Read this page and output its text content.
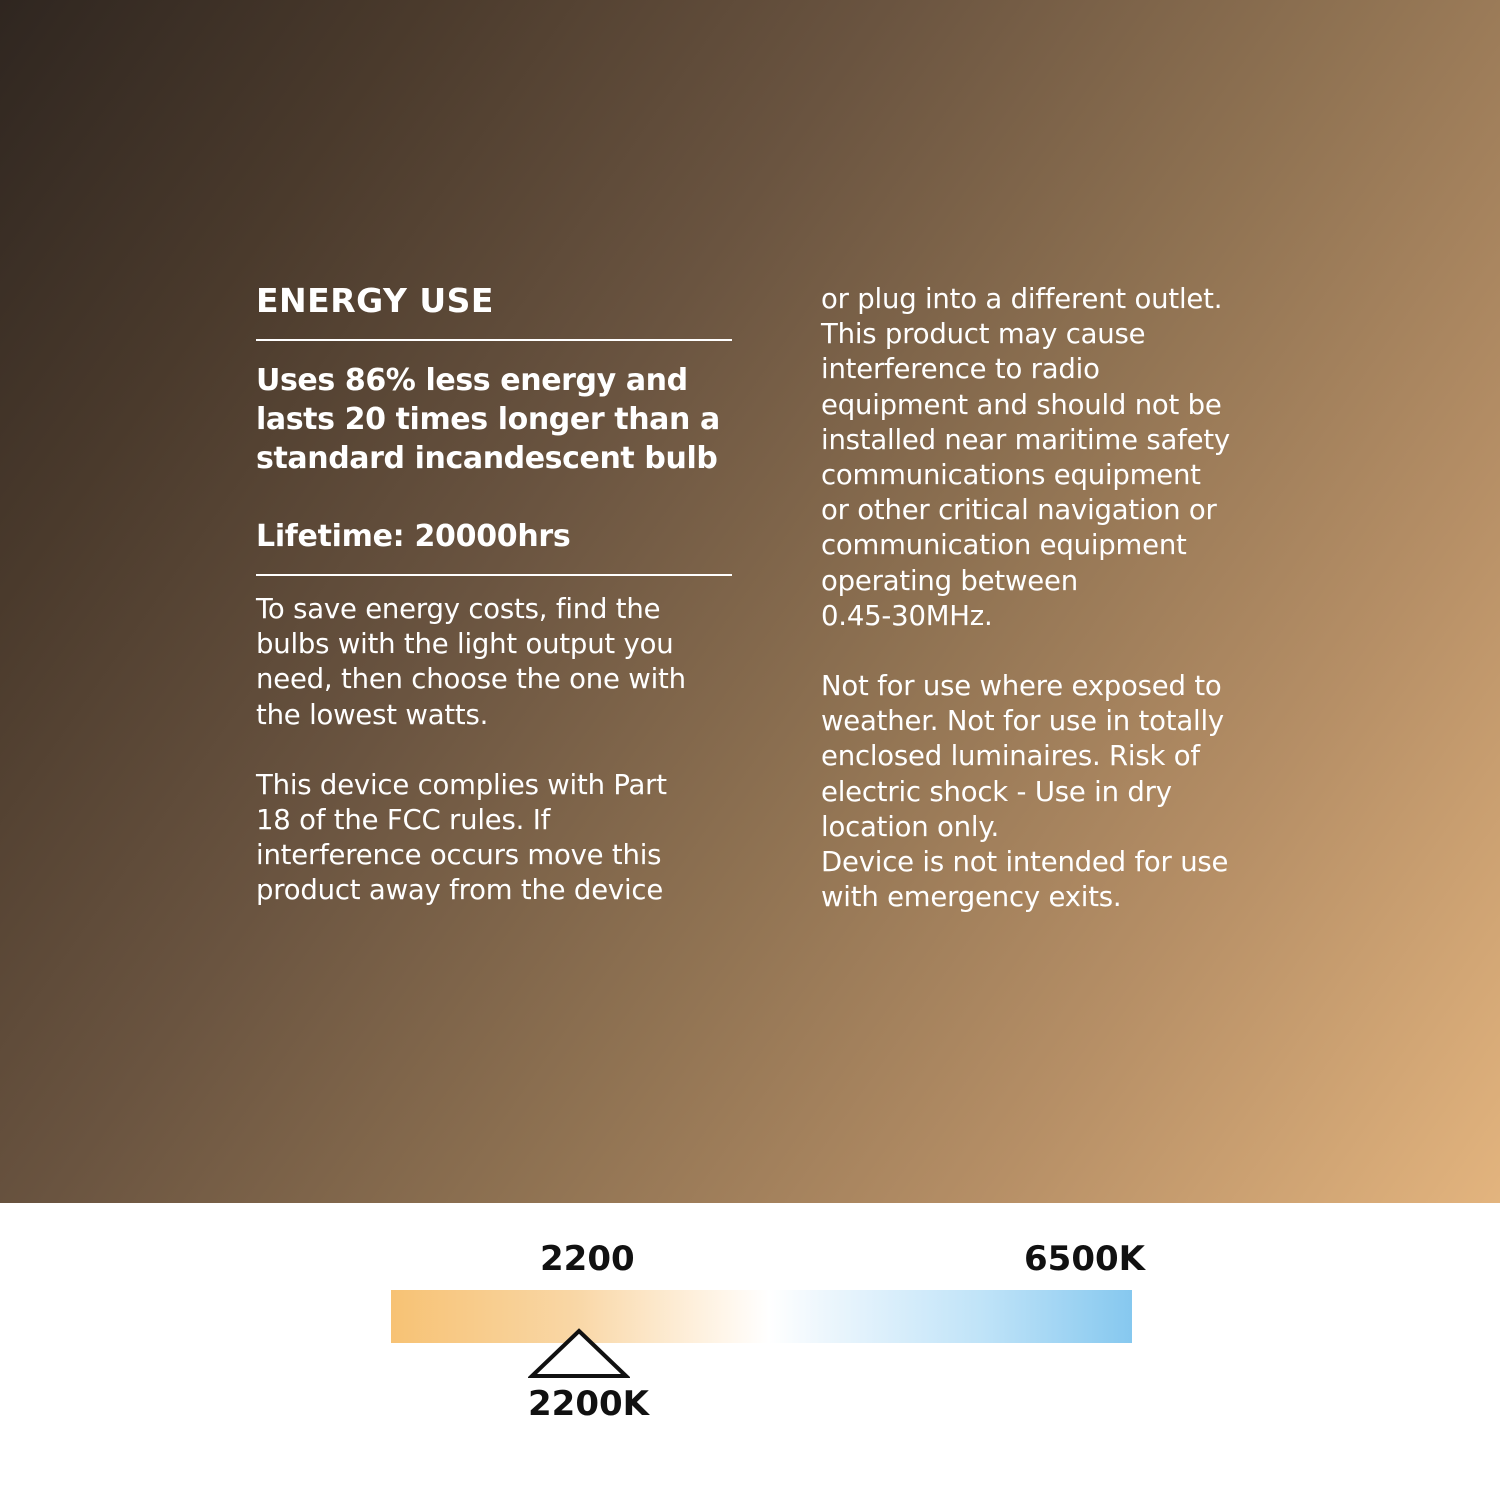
ENERGY USE

Uses 86% less energy and
lasts 20 times longer than a
standard incandescent bulb

Lifetime: 20000hrs

To save energy costs, find the
bulbs with the light output you
need, then choose the one with
the lowest watts.

This device complies with Part
18 of the FCC rules. If
interference occurs move this
product away from the device

or plug into a different outlet.
This product may cause
interference to radio
equipment and should not be
installed near maritime safety
communications equipment
or other critical navigation or
communication equipment
operating between
0.45-30MHz.

Not for use where exposed to
weather. Not for use in totally
enclosed luminaires. Risk of
electric shock - Use in dry
location only.
Device is not intended for use
with emergency exits.

2200	6500K
2200K
